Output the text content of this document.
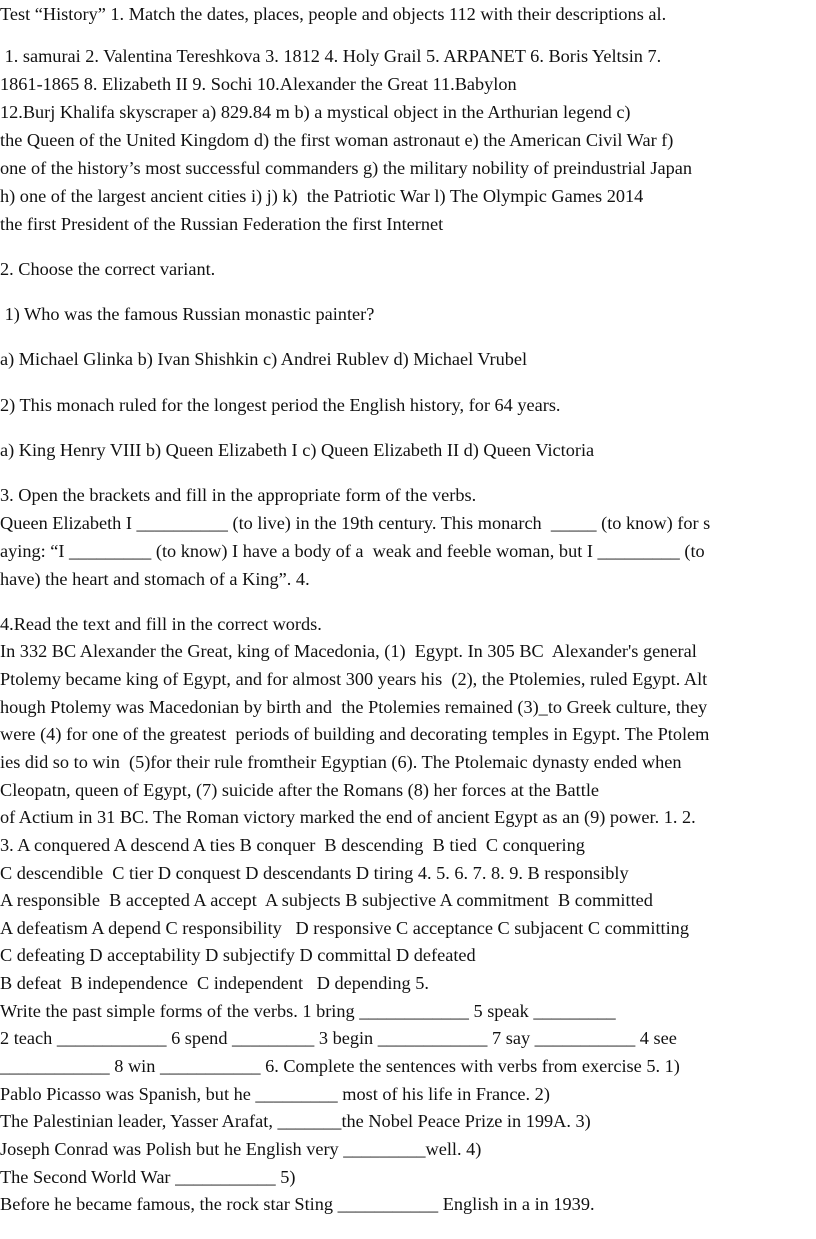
Test “History” 1. Match the dates, places, people and objects 112 with their descriptions al.

1. samurai 2. Valentina Tereshkova 3. 1812 4. Holy Grail 5. ARPANET 6. Boris Yeltsin 7.

1861-1865 8. Elizabeth II 9. Sochi 10.Alexander the Great 11.Babylon

12.Burj Khalifa skyscraper a) 829.84 m b) a mystical object in the Arthurian legend c)

the Queen of the United Kingdom d) the first woman astronaut e) the American Civil War f)

one of the history’s most successful commanders g) the military nobility of preindustrial Japan

h) one of the largest ancient cities i) j) k)  the Patriotic War l) The Olympic Games 2014

the first President of the Russian Federation the first Internet

2. Choose the correct variant.

1) Who was the famous Russian monastic painter?

a) Michael Glinka b) Ivan Shishkin c) Andrei Rublev d) Michael Vrubel

2) This monach ruled for the longest period the English history, for 64 years.

a) King Henry VIII b) Queen Elizabeth I c) Queen Elizabeth II d) Queen Victoria

3. Open the brackets and fill in the appropriate form of the verbs.

Queen Elizabeth I __________ (to live) in the 19th century. This monarch  _____ (to know) for s

aying: “I _________ (to know) I have a body of a  weak and feeble woman, but I _________ (to

have) the heart and stomach of a King”. 4.

4.Read the text and fill in the correct words.

In 332 BC Alexander the Great, king of Macedonia, (1)  Egypt. In 305 BC  Alexander's general

Ptolemy became king of Egypt, and for almost 300 years his  (2), the Ptolemies, ruled Egypt. Alt

hough Ptolemy was Macedonian by birth and  the Ptolemies remained (3)_to Greek culture, they

were (4) for one of the greatest  periods of building and decorating temples in Egypt. The Ptolem

ies did so to win  (5)for their rule fromtheir Egyptian (6). The Ptolemaic dynasty ended when

Cleopatn, queen of Egypt, (7) suicide after the Romans (8) her forces at the Battle

of Actium in 31 BC. The Roman victory marked the end of ancient Egypt as an (9) power. 1. 2.

3. A conquered A descend A ties B conquer  B descending  B tied  C conquering

C descendible  C tier D conquest D descendants D tiring 4. 5. 6. 7. 8. 9. B responsibly

A responsible  B accepted A accept  A subjects B subjective A commitment  B committed

A defeatism A depend C responsibility   D responsive C acceptance C subjacent C committing

C defeating D acceptability D subjectify D committal D defeated

B defeat  B independence  C independent   D depending 5.

Write the past simple forms of the verbs. 1 bring ____________ 5 speak _________

2 teach ____________ 6 spend _________ 3 begin ____________ 7 say ___________ 4 see

____________ 8 win ___________ 6. Complete the sentences with verbs from exercise 5. 1)

Pablo Picasso was Spanish, but he _________ most of his life in France. 2)

The Palestinian leader, Yasser Arafat, _______the Nobel Peace Prize in 199A. 3)

Joseph Conrad was Polish but he English very _________well. 4)

The Second World War ___________ 5)

Before he became famous, the rock star Sting ___________ English in a in 1939.
